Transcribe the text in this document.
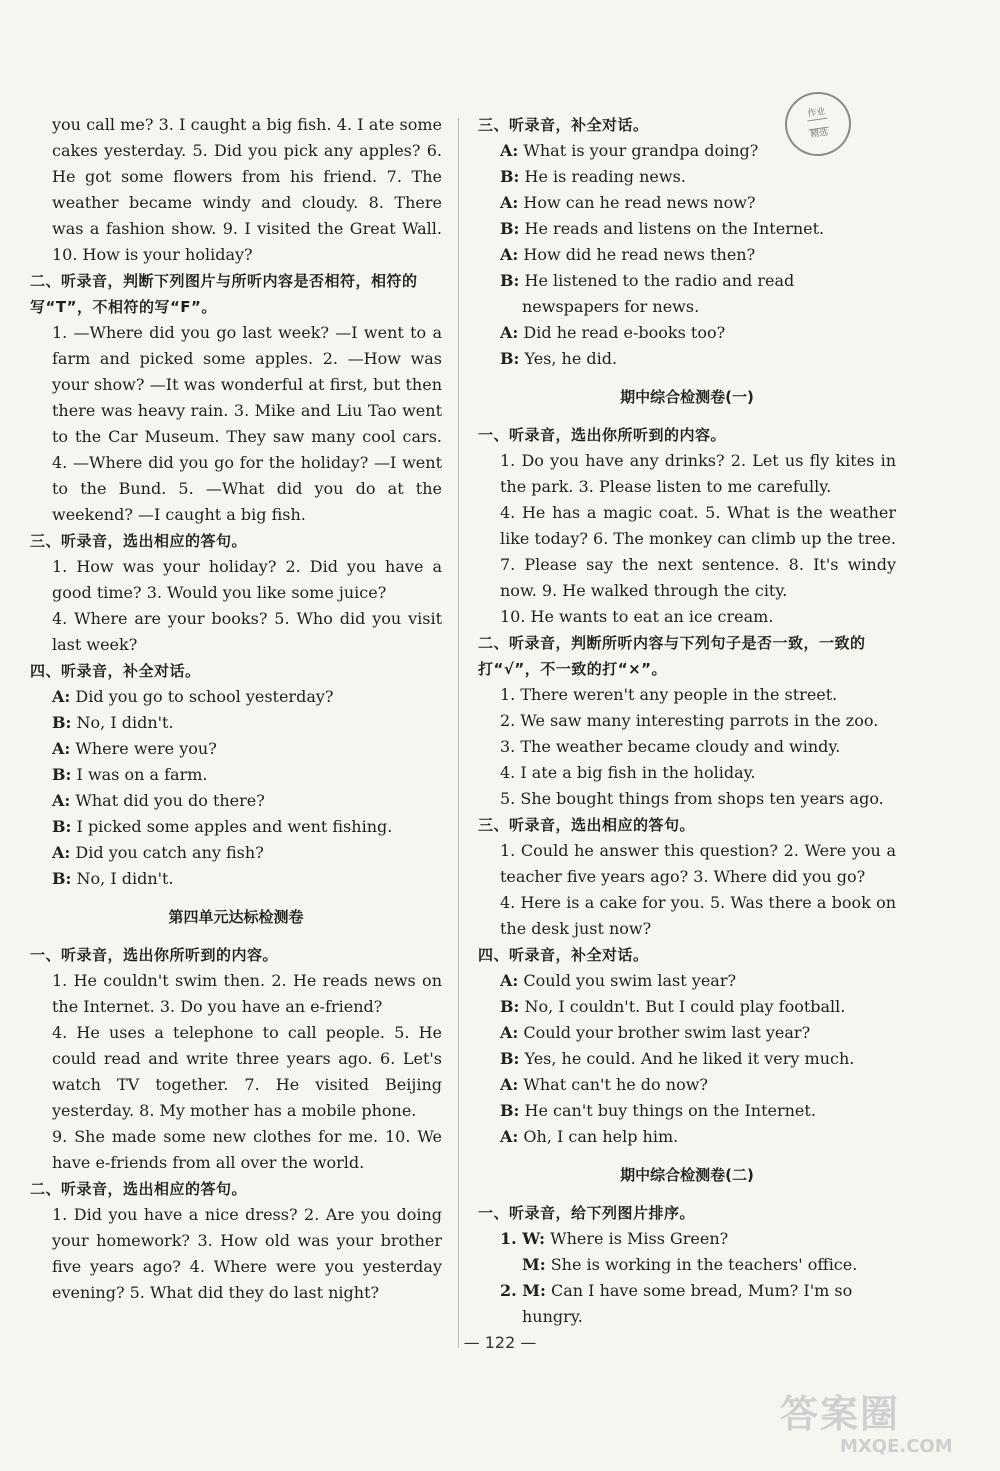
作业

精选

you call me? 3. I caught a big fish. 4. I ate some cakes yesterday. 5. Did you pick any apples? 6. He got some flowers from his friend. 7. The weather became windy and cloudy. 8. There was a fashion show. 9. I visited the Great Wall. 10. How is your holiday?

二、听录音，判断下列图片与所听内容是否相符，相符的写“T”，不相符的写“F”。

1. —Where did you go last week? —I went to a farm and picked some apples. 2. —How was your show? —It was wonderful at first, but then there was heavy rain. 3. Mike and Liu Tao went to the Car Museum. They saw many cool cars. 4. —Where did you go for the holiday? —I went to the Bund. 5. —What did you do at the weekend? —I caught a big fish.

三、听录音，选出相应的答句。

1. How was your holiday? 2. Did you have a good time? 3. Would you like some juice?

4. Where are your books? 5. Who did you visit last week?

四、听录音，补全对话。

A: Did you go to school yesterday?

B: No, I didn't.

A: Where were you?

B: I was on a farm.

A: What did you do there?

B: I picked some apples and went fishing.

A: Did you catch any fish?

B: No, I didn't.

第四单元达标检测卷

一、听录音，选出你所听到的内容。

1. He couldn't swim then. 2. He reads news on the Internet. 3. Do you have an e-friend?

4. He uses a telephone to call people. 5. He could read and write three years ago. 6. Let's watch TV together. 7. He visited Beijing yesterday. 8. My mother has a mobile phone.

9. She made some new clothes for me. 10. We have e-friends from all over the world.

二、听录音，选出相应的答句。

1. Did you have a nice dress? 2. Are you doing your homework? 3. How old was your brother five years ago? 4. Where were you yesterday evening? 5. What did they do last night?

三、听录音，补全对话。

A: What is your grandpa doing?

B: He is reading news.

A: How can he read news now?

B: He reads and listens on the Internet.

A: How did he read news then?

B: He listened to the radio and read newspapers for news.

A: Did he read e-books too?

B: Yes, he did.

期中综合检测卷(一)

一、听录音，选出你所听到的内容。

1. Do you have any drinks? 2. Let us fly kites in the park. 3. Please listen to me carefully.

4. He has a magic coat. 5. What is the weather like today? 6. The monkey can climb up the tree. 7. Please say the next sentence. 8. It's windy now. 9. He walked through the city.

10. He wants to eat an ice cream.

二、听录音，判断所听内容与下列句子是否一致，一致的打“√”，不一致的打“×”。

1. There weren't any people in the street.

2. We saw many interesting parrots in the zoo.

3. The weather became cloudy and windy.

4. I ate a big fish in the holiday.

5. She bought things from shops ten years ago.

三、听录音，选出相应的答句。

1. Could he answer this question? 2. Were you a teacher five years ago? 3. Where did you go?

4. Here is a cake for you. 5. Was there a book on the desk just now?

四、听录音，补全对话。

A: Could you swim last year?

B: No, I couldn't. But I could play football.

A: Could your brother swim last year?

B: Yes, he could. And he liked it very much.

A: What can't he do now?

B: He can't buy things on the Internet.

A: Oh, I can help him.

期中综合检测卷(二)

一、听录音，给下列图片排序。

1. W: Where is Miss Green?

M: She is working in the teachers' office.

2. M: Can I have some bread, Mum? I'm so hungry.

— 122 —
答案圈
MXQE.COM
